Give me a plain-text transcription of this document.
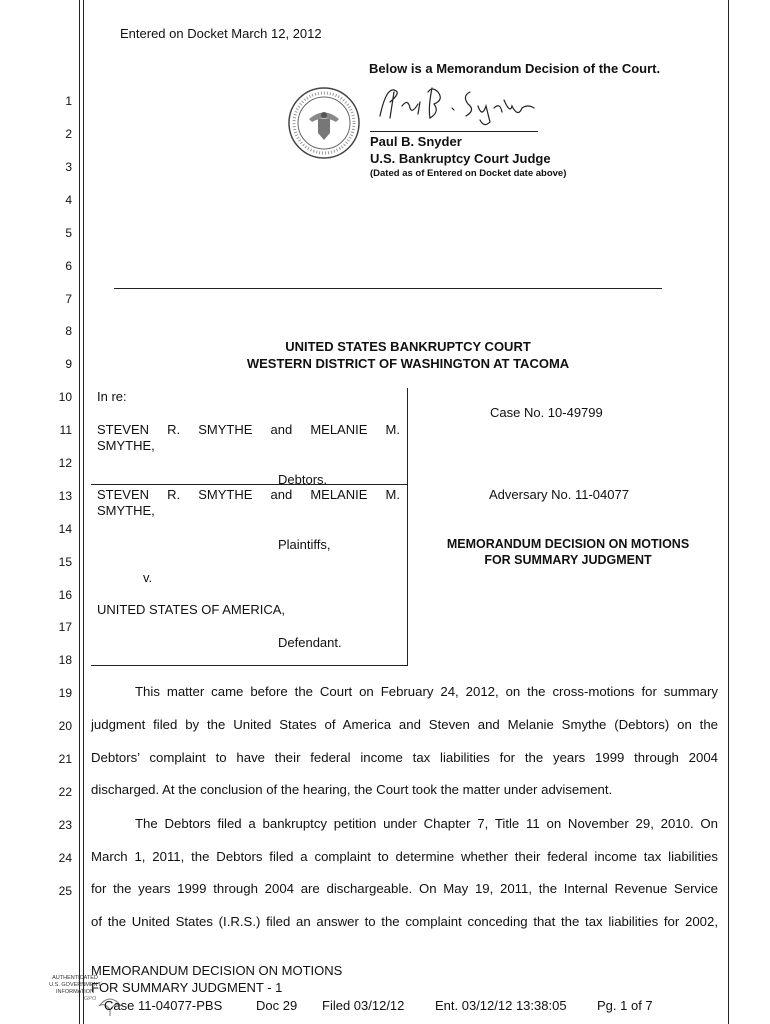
Entered on Docket March 12, 2012
Below is a Memorandum Decision of the Court.
Paul B. Snyder
U.S. Bankruptcy Court Judge
(Dated as of Entered on Docket date above)
1
2
3
4
5
6
7
8
9
10
11
12
13
14
15
16
17
18
19
20
21
22
23
24
25
UNITED STATES BANKRUPTCY COURT
WESTERN DISTRICT OF WASHINGTON AT TACOMA
In re:
STEVEN R. SMYTHE and MELANIE M.
SMYTHE,
Debtors.
STEVEN R. SMYTHE and MELANIE M.
SMYTHE,
Plaintiffs,
v.
UNITED STATES OF AMERICA,
Defendant.
Case No. 10-49799
Adversary No. 11-04077
MEMORANDUM DECISION ON MOTIONS
FOR SUMMARY JUDGMENT
This matter came before the Court on February 24, 2012, on the cross-motions for summary
judgment filed by the United States of America and Steven and Melanie Smythe (Debtors) on the
Debtors’ complaint to have their federal income tax liabilities for the years 1999 through 2004
discharged. At the conclusion of the hearing, the Court took the matter under advisement.
The Debtors filed a bankruptcy petition under Chapter 7, Title 11 on November 29, 2010. On
March 1, 2011, the Debtors filed a complaint to determine whether their federal income tax liabilities
for the years 1999 through 2004 are dischargeable. On May 19, 2011, the Internal Revenue Service
of the United States (I.R.S.) filed an answer to the complaint conceding that the tax liabilities for 2002,
MEMORANDUM DECISION ON MOTIONS
FOR SUMMARY JUDGMENT - 1
AUTHENTICATED
U.S. GOVERNMENT
INFORMATION
GPO Case 11-04077-PBS	Doc 29	Filed 03/12/12	Ent. 03/12/12 13:38:05	Pg. 1 of 7
